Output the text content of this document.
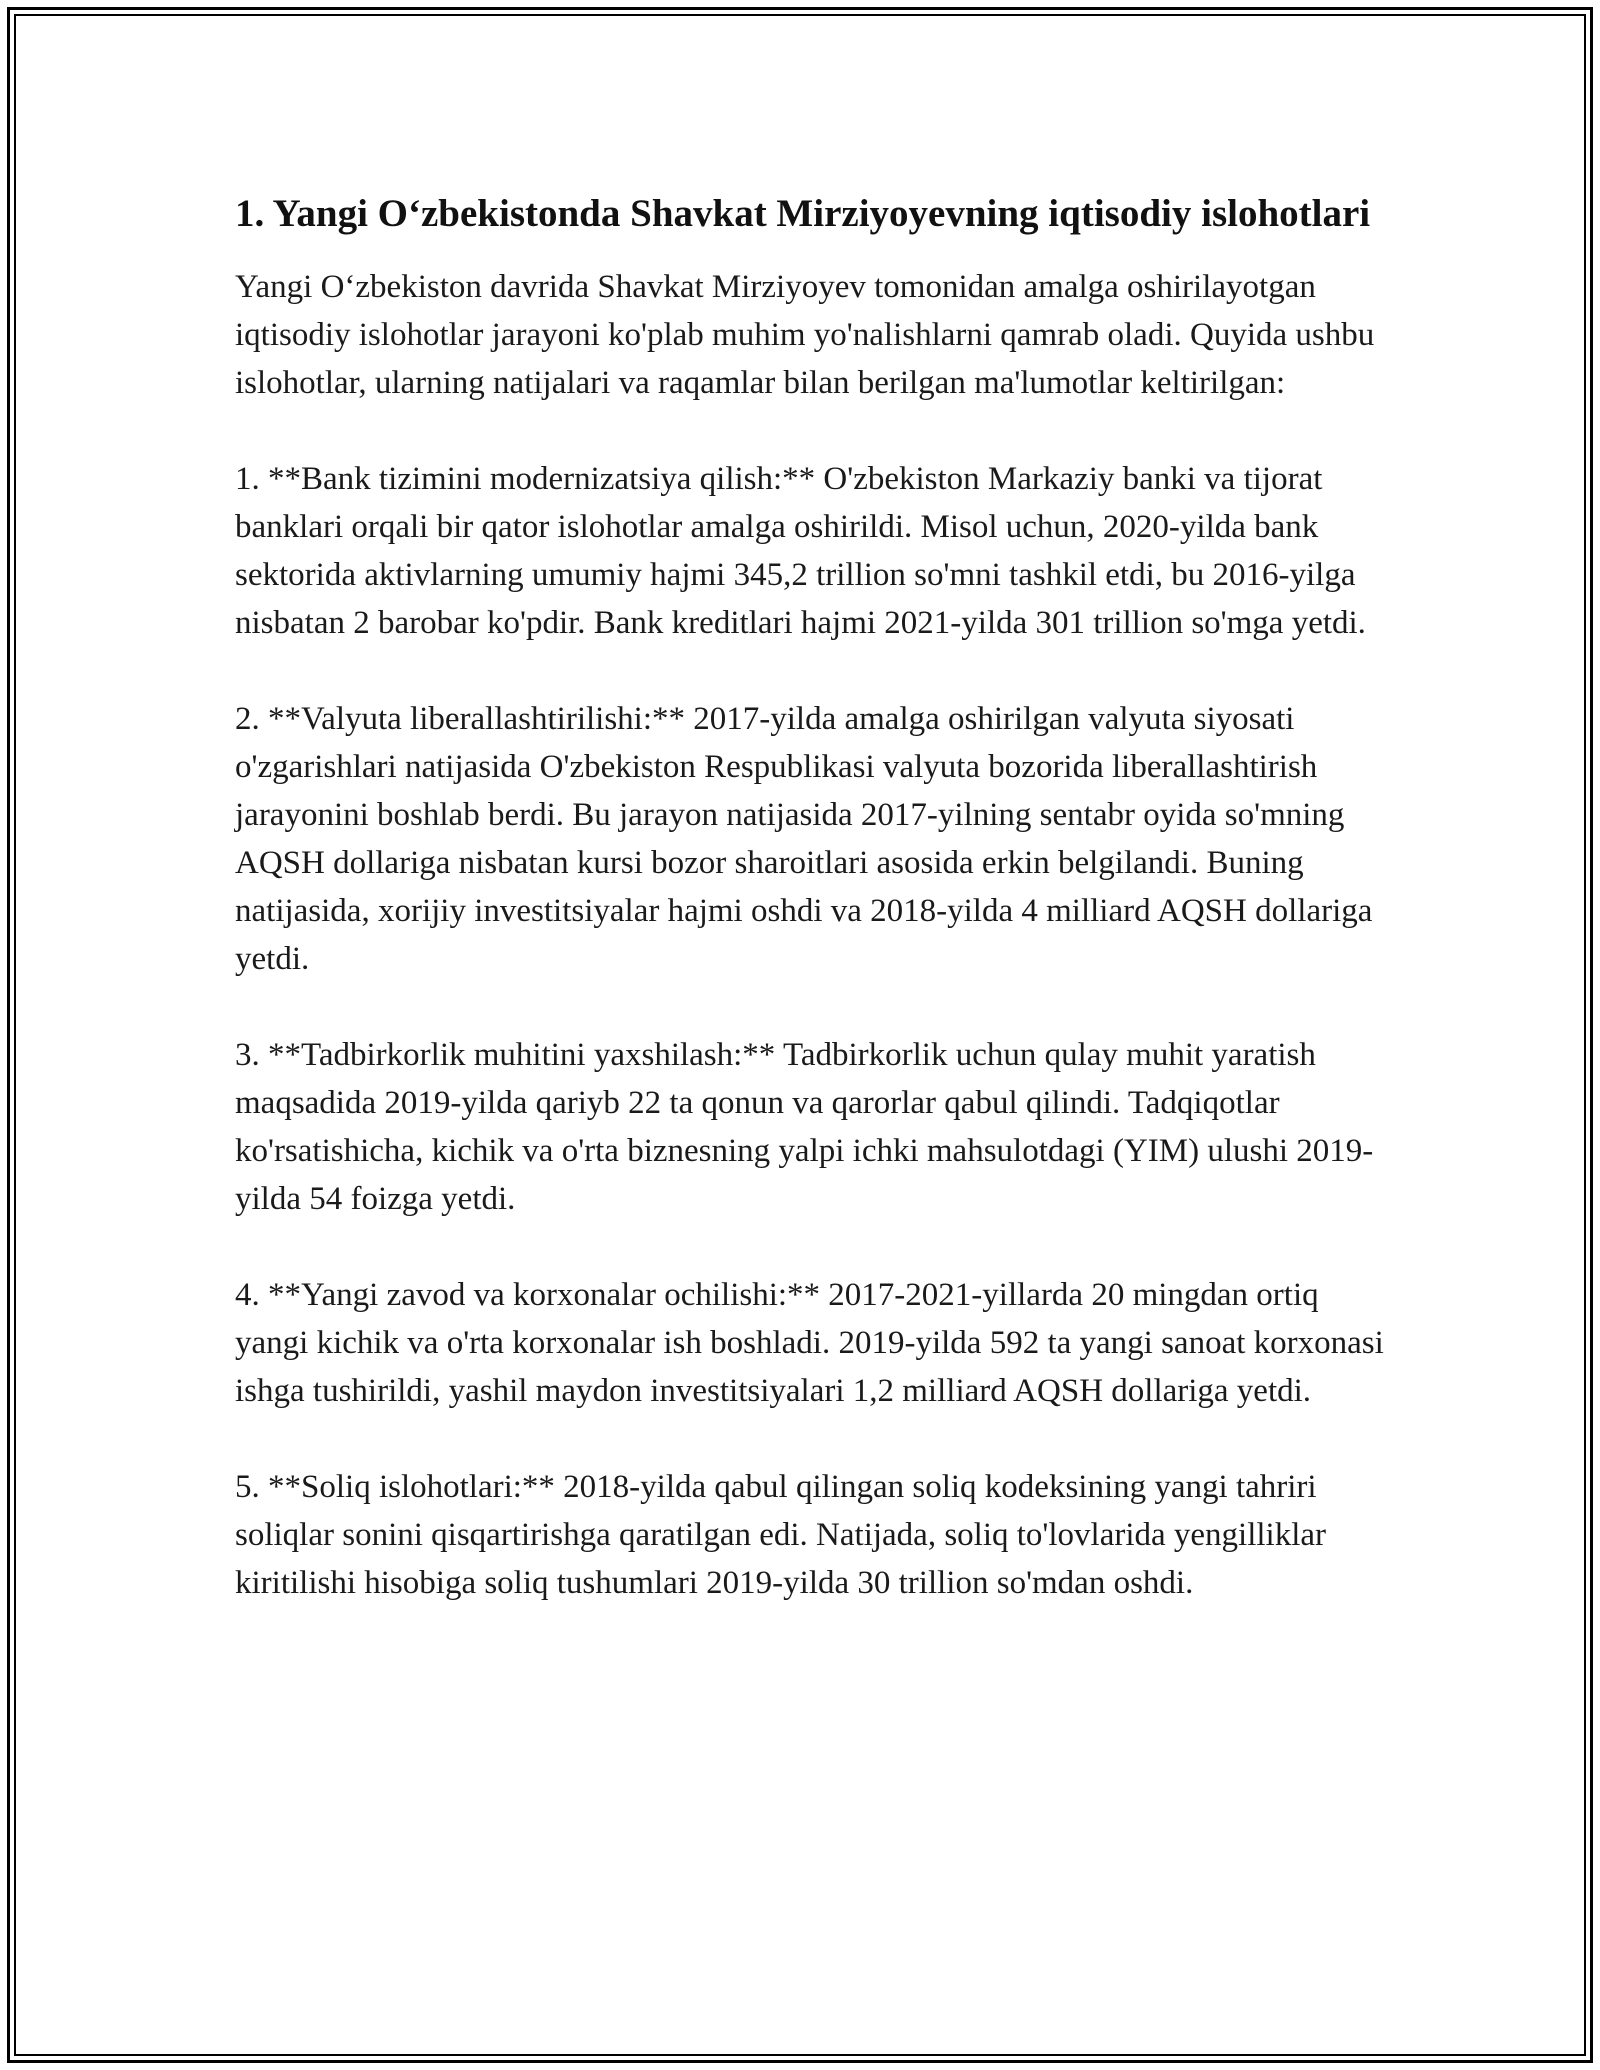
1. Yangi O‘zbekistonda Shavkat Mirziyoyevning iqtisodiy islohotlari

Yangi O‘zbekiston davrida Shavkat Mirziyoyev tomonidan amalga oshirilayotgan iqtisodiy islohotlar jarayoni ko'plab muhim yo'nalishlarni qamrab oladi. Quyida ushbu islohotlar, ularning natijalari va raqamlar bilan berilgan ma'lumotlar keltirilgan:

1. **Bank tizimini modernizatsiya qilish:** O'zbekiston Markaziy banki va tijorat banklari orqali bir qator islohotlar amalga oshirildi. Misol uchun, 2020-yilda bank sektorida aktivlarning umumiy hajmi 345,2 trillion so'mni tashkil etdi, bu 2016-yilga nisbatan 2 barobar ko'pdir. Bank kreditlari hajmi 2021-yilda 301 trillion so'mga yetdi.

2. **Valyuta liberallashtirilishi:** 2017-yilda amalga oshirilgan valyuta siyosati o'zgarishlari natijasida O'zbekiston Respublikasi valyuta bozorida liberallashtirish jarayonini boshlab berdi. Bu jarayon natijasida 2017-yilning sentabr oyida so'mning AQSH dollariga nisbatan kursi bozor sharoitlari asosida erkin belgilandi. Buning natijasida, xorijiy investitsiyalar hajmi oshdi va 2018-yilda 4 milliard AQSH dollariga yetdi.

3. **Tadbirkorlik muhitini yaxshilash:** Tadbirkorlik uchun qulay muhit yaratish maqsadida 2019-yilda qariyb 22 ta qonun va qarorlar qabul qilindi. Tadqiqotlar ko'rsatishicha, kichik va o'rta biznesning yalpi ichki mahsulotdagi (YIM) ulushi 2019-yilda 54 foizga yetdi.

4. **Yangi zavod va korxonalar ochilishi:** 2017-2021-yillarda 20 mingdan ortiq yangi kichik va o'rta korxonalar ish boshladi. 2019-yilda 592 ta yangi sanoat korxonasi ishga tushirildi, yashil maydon investitsiyalari 1,2 milliard AQSH dollariga yetdi.

5. **Soliq islohotlari:** 2018-yilda qabul qilingan soliq kodeksining yangi tahriri soliqlar sonini qisqartirishga qaratilgan edi. Natijada, soliq to'lovlarida yengilliklar kiritilishi hisobiga soliq tushumlari 2019-yilda 30 trillion so'mdan oshdi.
